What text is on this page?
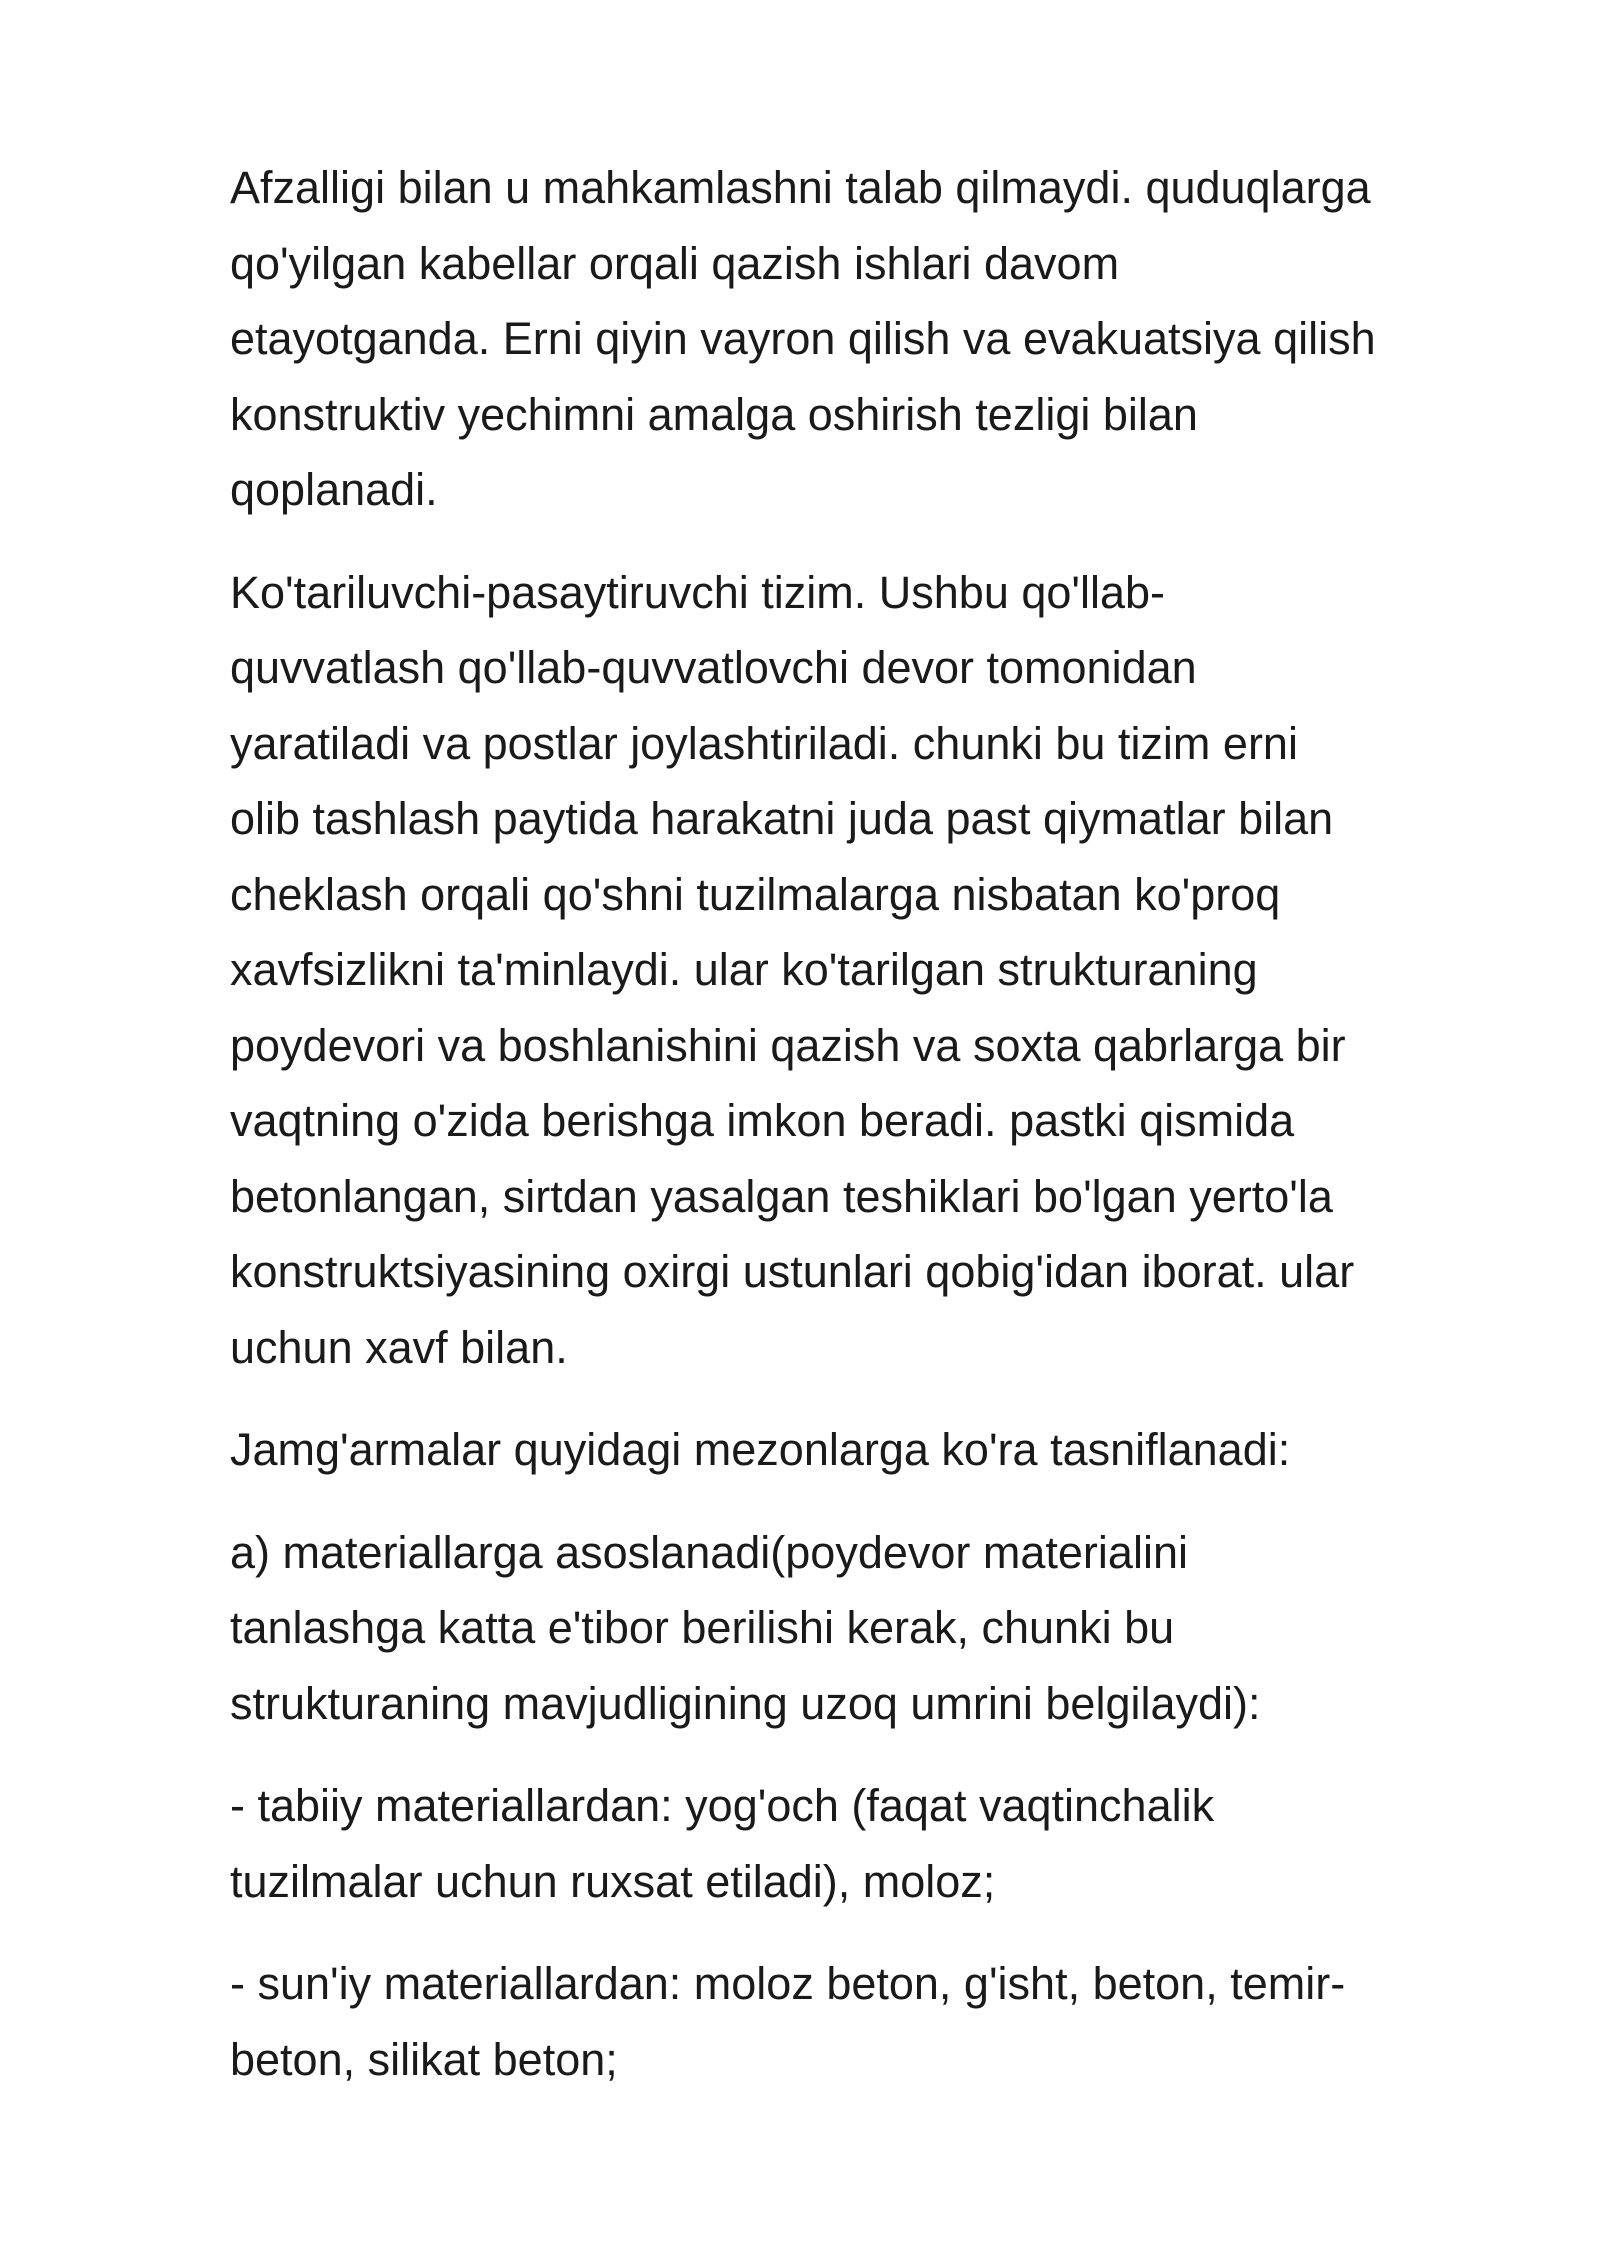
Afzalligi bilan u mahkamlashni talab qilmaydi. quduqlarga
qo'yilgan kabellar orqali qazish ishlari davom
etayotganda. Erni qiyin vayron qilish va evakuatsiya qilish
konstruktiv yechimni amalga oshirish tezligi bilan
qoplanadi.

Ko'tariluvchi-pasaytiruvchi tizim. Ushbu qo'llab-
quvvatlash qo'llab-quvvatlovchi devor tomonidan
yaratiladi va postlar joylashtiriladi. chunki bu tizim erni
olib tashlash paytida harakatni juda past qiymatlar bilan
cheklash orqali qo'shni tuzilmalarga nisbatan ko'proq
xavfsizlikni ta'minlaydi. ular ko'tarilgan strukturaning
poydevori va boshlanishini qazish va soxta qabrlarga bir
vaqtning o'zida berishga imkon beradi. pastki qismida
betonlangan, sirtdan yasalgan teshiklari bo'lgan yerto'la
konstruktsiyasining oxirgi ustunlari qobig'idan iborat. ular
uchun xavf bilan.

Jamg'armalar quyidagi mezonlarga ko'ra tasniflanadi:

a) materiallarga asoslanadi(poydevor materialini
tanlashga katta e'tibor berilishi kerak, chunki bu
strukturaning mavjudligining uzoq umrini belgilaydi):

- tabiiy materiallardan: yog'och (faqat vaqtinchalik
tuzilmalar uchun ruxsat etiladi), moloz;

- sun'iy materiallardan: moloz beton, g'isht, beton, temir-
beton, silikat beton;
